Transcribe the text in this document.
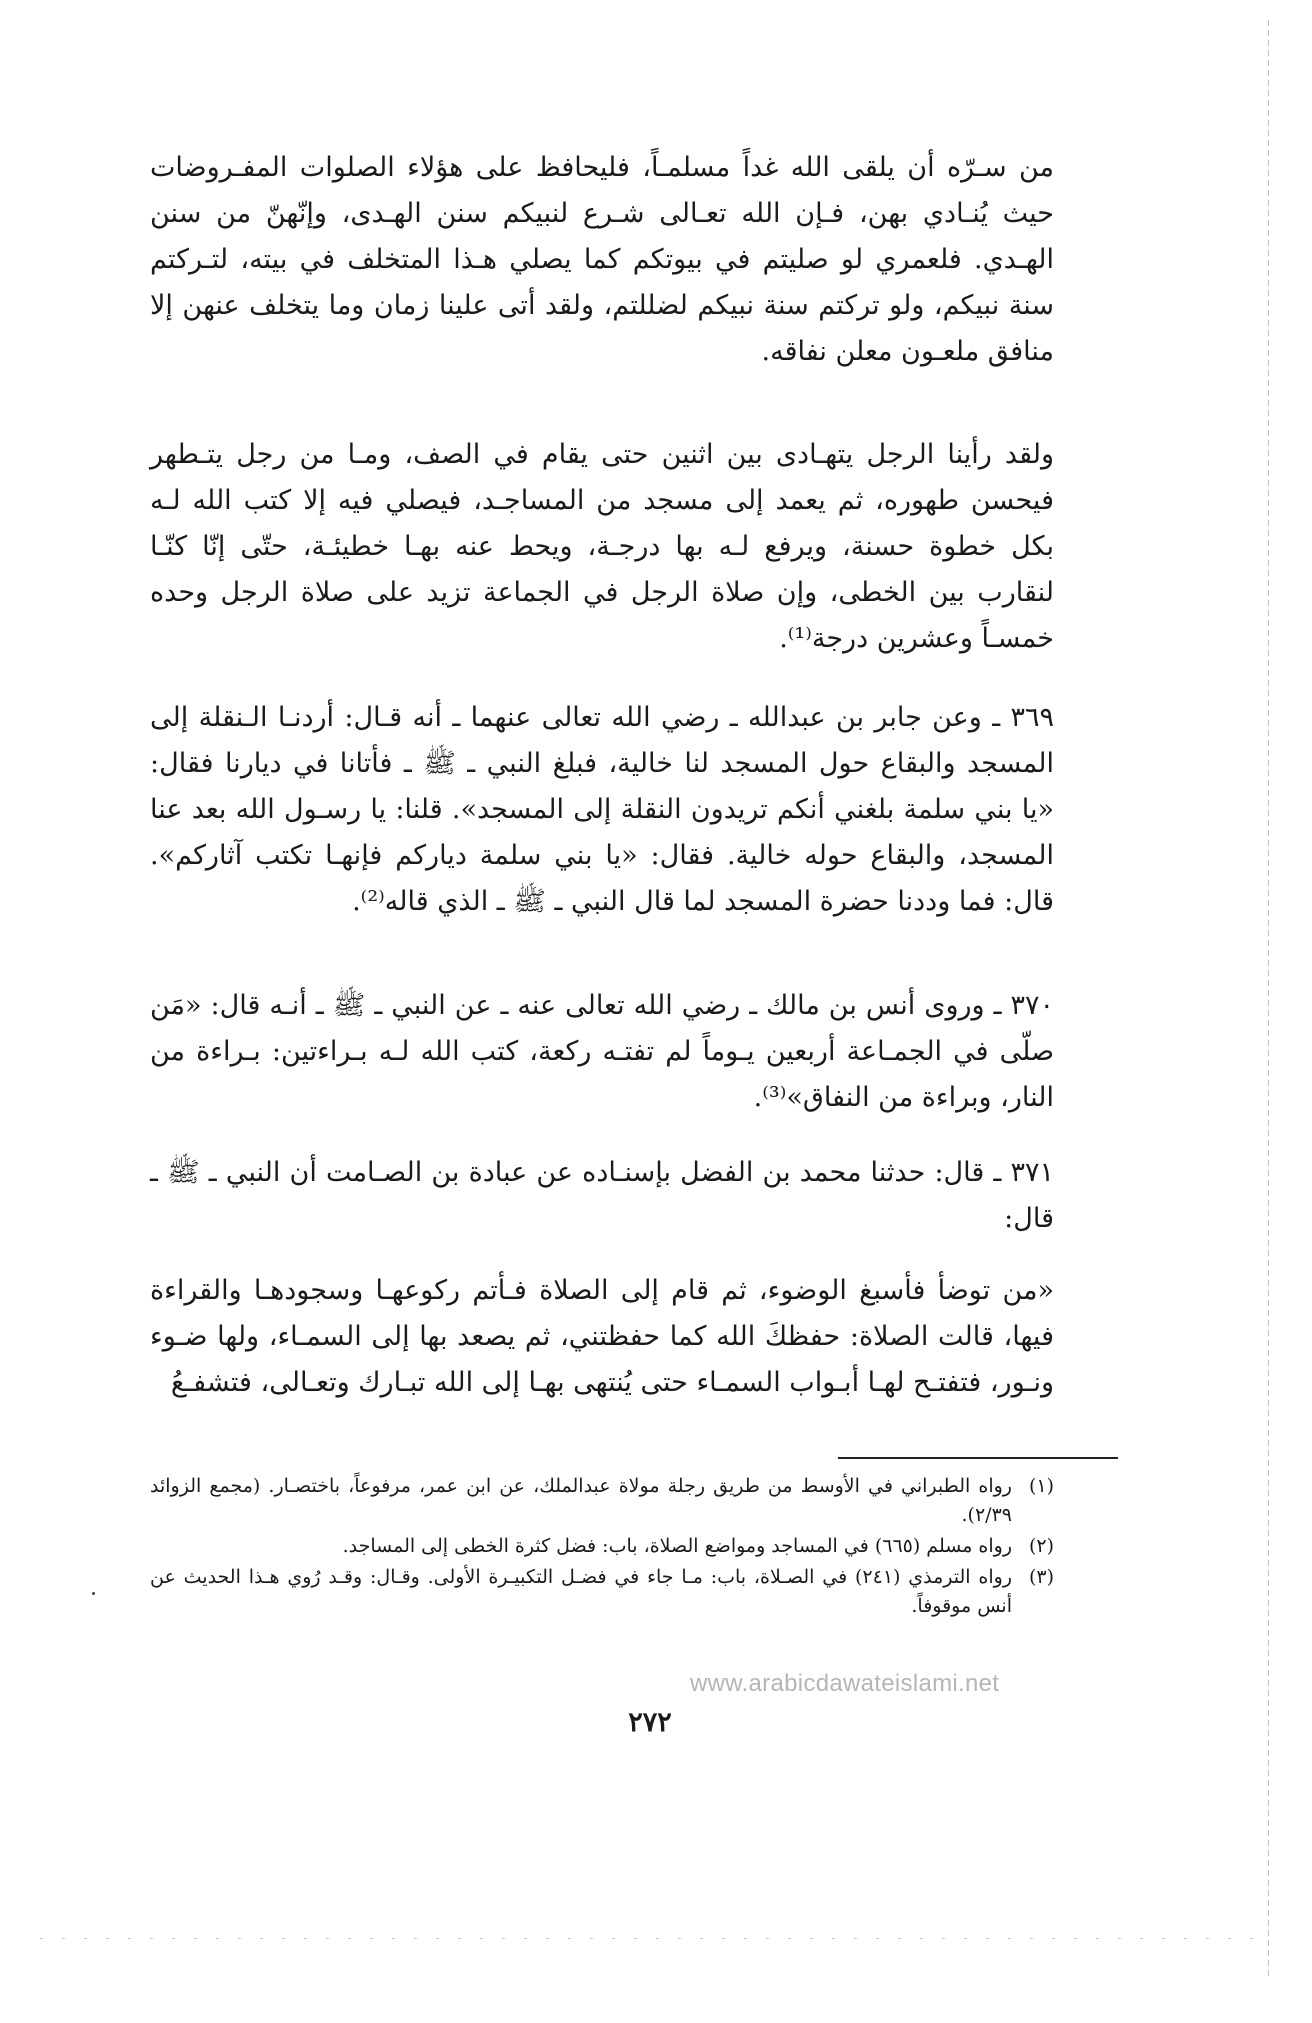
من سـرّه أن يلقى الله غداً مسلمـاً، فليحافظ على هؤلاء الصلوات المفـروضات حيث يُنـادي بهن، فـإن الله تعـالى شـرع لنبيكم سنن الهـدى، وإنّهنّ من سنن الهـدي. فلعمري لو صليتم في بيوتكم كما يصلي هـذا المتخلف في بيته، لتـركتم سنة نبيكم، ولو تركتم سنة نبيكم لضللتم، ولقد أتى علينا زمان وما يتخلف عنهن إلا منافق ملعـون معلن نفاقه.

ولقد رأينا الرجل يتهـادى بين اثنين حتى يقام في الصف، ومـا من رجل يتـطهر فيحسن طهوره، ثم يعمد إلى مسجد من المساجـد، فيصلي فيه إلا كتب الله لـه بكل خطوة حسنة، ويرفع لـه بها درجـة، ويحط عنه بهـا خطيئـة، حتّى إنّا كنّـا لنقارب بين الخطى، وإن صلاة الرجل في الجماعة تزيد على صلاة الرجل وحده خمسـاً وعشرين درجة⁽¹⁾.

٣٦٩ ـ وعن جابر بن عبدالله ـ رضي الله تعالى عنهما ـ أنه قـال: أردنـا الـنقلة إلى المسجد والبقاع حول المسجد لنا خالية، فبلغ النبي ـ ﷺ ـ فأتانا في ديارنا فقال: «يا بني سلمة بلغني أنكم تريدون النقلة إلى المسجد». قلنا: يا رسـول الله بعد عنا المسجد، والبقاع حوله خالية. فقال: «يا بني سلمة دياركم فإنهـا تكتب آثاركم». قال: فما وددنا حضرة المسجد لما قال النبي ـ ﷺ ـ الذي قاله⁽²⁾.

٣٧٠ ـ وروى أنس بن مالك ـ رضي الله تعالى عنه ـ عن النبي ـ ﷺ ـ أنـه قال: «مَن صلّى في الجمـاعة أربعين يـوماً لم تفتـه ركعة، كتب الله لـه بـراءتين: بـراءة من النار، وبراءة من النفاق»⁽³⁾.

٣٧١ ـ قال: حدثنا محمد بن الفضل بإسنـاده عن عبادة بن الصـامت أن النبي ـ ﷺ ـ قال:

«من توضأ فأسبغ الوضوء، ثم قام إلى الصلاة فـأتم ركوعهـا وسجودهـا والقراءة فيها، قالت الصلاة: حفظكَ الله كما حفظتني، ثم يصعد بها إلى السمـاء، ولها ضـوء ونـور، فتفتـح لهـا أبـواب السمـاء حتى يُنتهى بهـا إلى الله تبـارك وتعـالى، فتشفـعُ

(١)
رواه الطبراني في الأوسط من طريق رجلة مولاة عبدالملك، عن ابن عمر، مرفوعاً، باختصـار. (مجمع الزوائد ٢/٣٩).
(٢)
رواه مسلم (٦٦٥) في المساجد ومواضع الصلاة، باب: فضل كثرة الخطى إلى المساجد.
(٣)
رواه الترمذي (٢٤١) في الصـلاة، باب: مـا جاء في فضـل التكبيـرة الأولى. وقـال: وقـد رُوي هـذا الحديث عن أنس موقوفاً.
www.arabicdawateislami.net
٢٧٢
